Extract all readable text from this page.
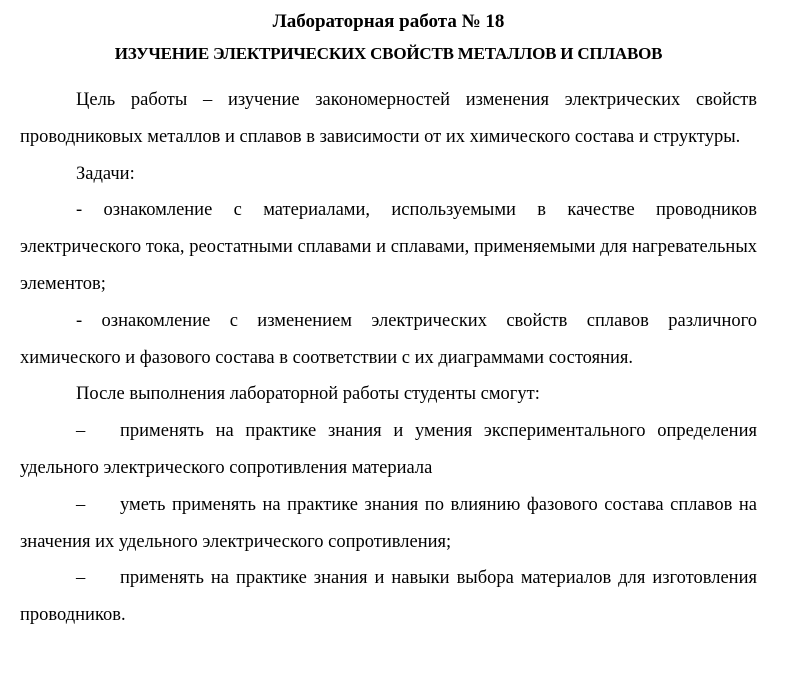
Лабораторная работа № 18

ИЗУЧЕНИЕ ЭЛЕКТРИЧЕСКИХ СВОЙСТВ МЕТАЛЛОВ И СПЛАВОВ

Цель работы – изучение закономерностей изменения электрических свойств проводниковых металлов и сплавов в зависимости от их химического состава и структуры.

Задачи:

- ознакомление с материалами, используемыми в качестве проводников электрического тока, реостатными сплавами и сплавами, применяемыми для нагревательных элементов;

- ознакомление с изменением электрических свойств сплавов различного химического и фазового состава в соответствии с их диаграммами состояния.

После выполнения лабораторной работы студенты смогут:

– применять на практике знания и умения экспериментального определения удельного электрического сопротивления материала

– уметь применять на практике знания по влиянию фазового состава сплавов на значения их удельного электрического сопротивления;

– применять на практике знания и навыки выбора материалов для изготовления проводников.
